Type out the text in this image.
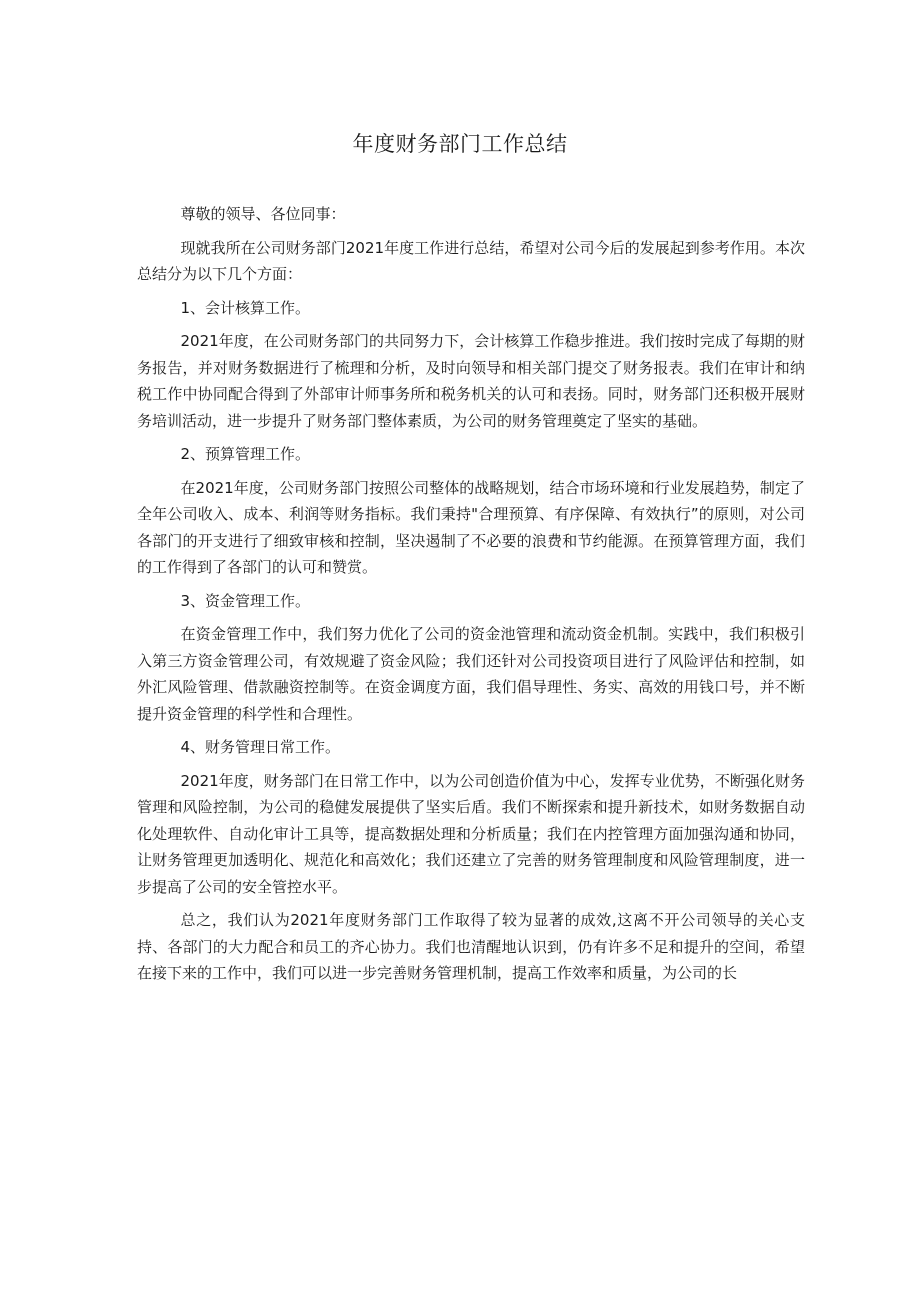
年度财务部门工作总结

尊敬的领导、各位同事：

现就我所在公司财务部门2021年度工作进行总结，希望对公司今后的发展起到参考作用。本次总结分为以下几个方面：

1、会计核算工作。

2021年度，在公司财务部门的共同努力下，会计核算工作稳步推进。我们按时完成了每期的财务报告，并对财务数据进行了梳理和分析，及时向领导和相关部门提交了财务报表。我们在审计和纳税工作中协同配合得到了外部审计师事务所和税务机关的认可和表扬。同时，财务部门还积极开展财务培训活动，进一步提升了财务部门整体素质，为公司的财务管理奠定了坚实的基础。

2、预算管理工作。

在2021年度，公司财务部门按照公司整体的战略规划，结合市场环境和行业发展趋势，制定了全年公司收入、成本、利润等财务指标。我们秉持"合理预算、有序保障、有效执行”的原则，对公司各部门的开支进行了细致审核和控制，坚决遏制了不必要的浪费和节约能源。在预算管理方面，我们的工作得到了各部门的认可和赞赏。

3、资金管理工作。

在资金管理工作中，我们努力优化了公司的资金池管理和流动资金机制。实践中，我们积极引入第三方资金管理公司，有效规避了资金风险；我们还针对公司投资项目进行了风险评估和控制，如外汇风险管理、借款融资控制等。在资金调度方面，我们倡导理性、务实、高效的用钱口号，并不断提升资金管理的科学性和合理性。

4、财务管理日常工作。

2021年度，财务部门在日常工作中，以为公司创造价值为中心，发挥专业优势，不断强化财务管理和风险控制，为公司的稳健发展提供了坚实后盾。我们不断探索和提升新技术，如财务数据自动化处理软件、自动化审计工具等，提高数据处理和分析质量；我们在内控管理方面加强沟通和协同，让财务管理更加透明化、规范化和高效化；我们还建立了完善的财务管理制度和风险管理制度，进一步提高了公司的安全管控水平。

总之，我们认为2021年度财务部门工作取得了较为显著的成效,这离不开公司领导的关心支持、各部门的大力配合和员工的齐心协力。我们也清醒地认识到，仍有许多不足和提升的空间，希望在接下来的工作中，我们可以进一步完善财务管理机制，提高工作效率和质量，为公司的长
